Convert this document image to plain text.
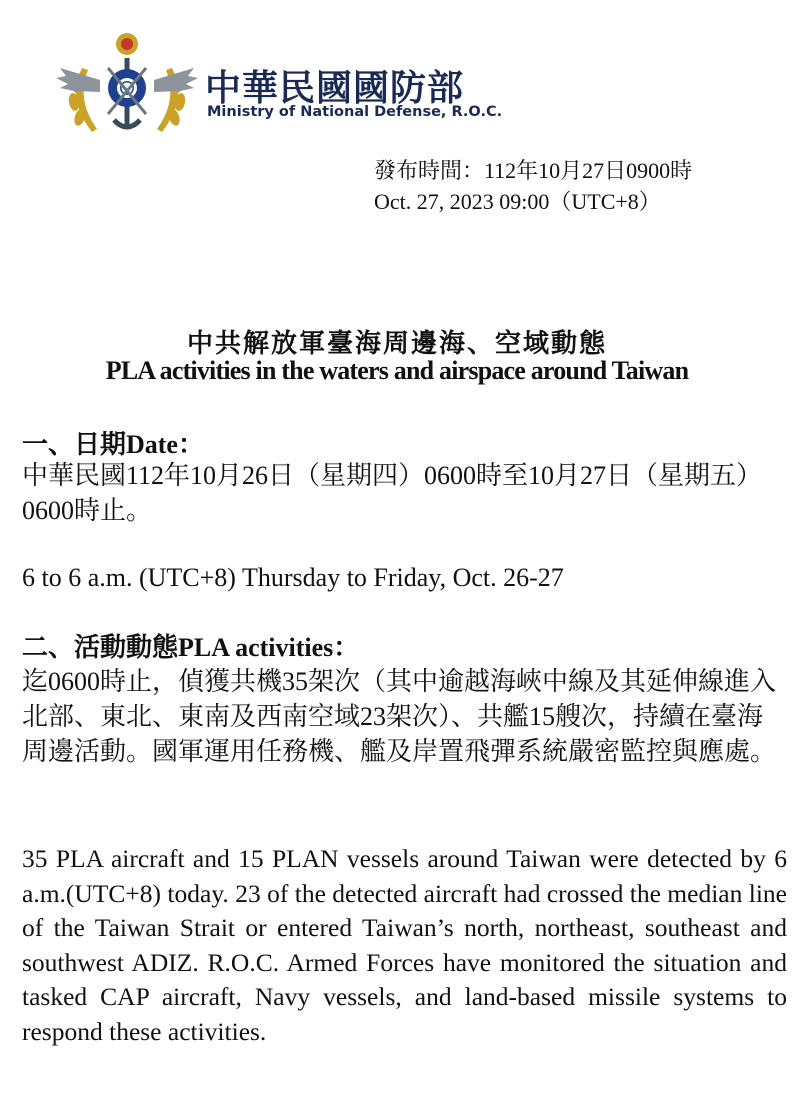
中華民國國防部
Ministry of National Defense, R.O.C.
發布時間：112年10月27日0900時
Oct. 27, 2023 09:00（UTC+8）
中共解放軍臺海周邊海、空域動態
PLA activities in the waters and airspace around Taiwan
一、日期Date：
中華民國112年10月26日（星期四）0600時至10月27日（星期五）0600時止。
6 to 6 a.m. (UTC+8) Thursday to Friday, Oct. 26-27
二、活動動態PLA activities：
迄0600時止，偵獲共機35架次（其中逾越海峽中線及其延伸線進入北部、東北、東南及西南空域23架次）、共艦15艘次，持續在臺海周邊活動。國軍運用任務機、艦及岸置飛彈系統嚴密監控與應處。
35 PLA aircraft and 15 PLAN vessels around Taiwan were detected by 6 a.m.(UTC+8) today. 23 of the detected aircraft had crossed the median line of the Taiwan Strait or entered Taiwan’s north, northeast, southeast and southwest ADIZ. R.O.C. Armed Forces have monitored the situation and tasked CAP aircraft, Navy vessels, and land-based missile systems to respond these activities.
